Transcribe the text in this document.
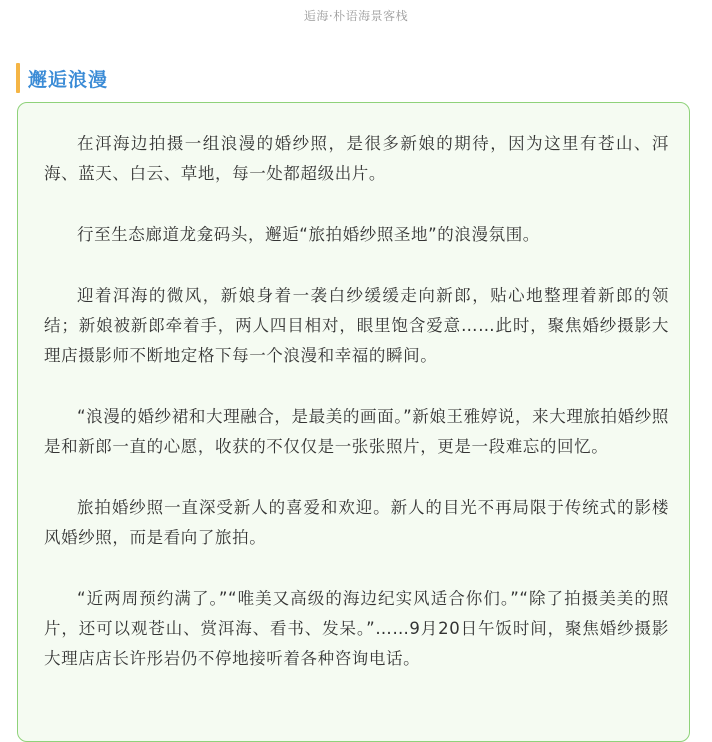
逅海·朴语海景客栈
邂逅浪漫

在洱海边拍摄一组浪漫的婚纱照，是很多新娘的期待，因为这里有苍山、洱海、蓝天、白云、草地，每一处都超级出片。

行至生态廊道龙龛码头，邂逅“旅拍婚纱照圣地”的浪漫氛围。

迎着洱海的微风，新娘身着一袭白纱缓缓走向新郎，贴心地整理着新郎的领结；新娘被新郎牵着手，两人四目相对，眼里饱含爱意……此时，聚焦婚纱摄影大理店摄影师不断地定格下每一个浪漫和幸福的瞬间。

“浪漫的婚纱裙和大理融合，是最美的画面。”新娘王雅婷说，来大理旅拍婚纱照是和新郎一直的心愿，收获的不仅仅是一张张照片，更是一段难忘的回忆。

旅拍婚纱照一直深受新人的喜爱和欢迎。新人的目光不再局限于传统式的影楼风婚纱照，而是看向了旅拍。

“近两周预约满了。”“唯美又高级的海边纪实风适合你们。”“除了拍摄美美的照片，还可以观苍山、赏洱海、看书、发呆。”……9月20日午饭时间，聚焦婚纱摄影大理店店长许彤岩仍不停地接听着各种咨询电话。
